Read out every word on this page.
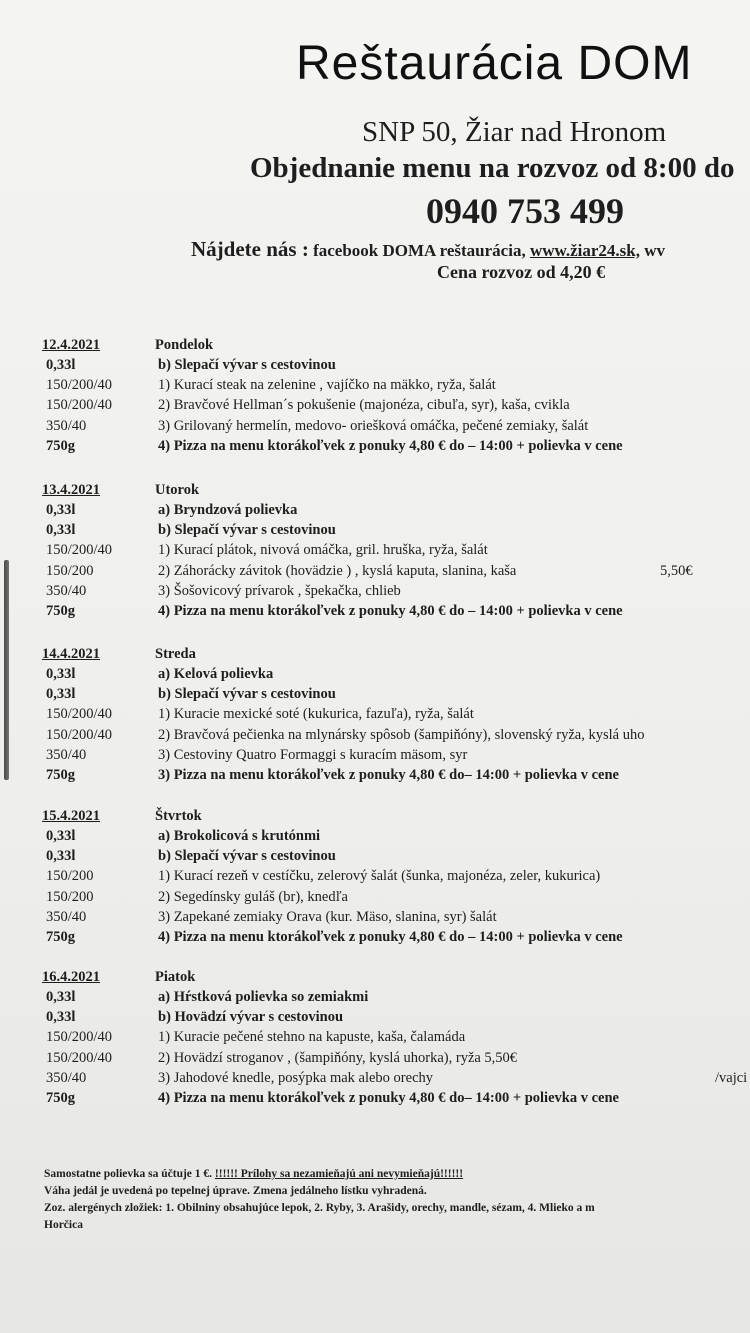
Reštaurácia DOM
SNP 50, Žiar nad Hronom
Objednanie menu na rozvoz od 8:00 do
0940 753 499
Nájdete nás : facebook DOMA reštaurácia, www.žiar24.sk, wv
Cena rozvoz od 4,20 €
12.4.2021	Pondelok
0,33l	b) Slepačí vývar s cestovinou
150/200/40	1) Kurací steak na zelenine , vajíčko na mäkko, ryža, šalát
150/200/40	2) Bravčové Hellman´s pokušenie (majonéza, cibuľa, syr), kaša, cvikla
350/40	3) Grilovaný hermelín, medovo- oriešková omáčka, pečené zemiaky, šalát
750g	4) Pizza na menu ktorákoľvek z ponuky 4,80 € do – 14:00 + polievka v cene
13.4.2021	Utorok
0,33l	a) Bryndzová polievka
0,33l	b) Slepačí vývar s cestovinou
150/200/40	1) Kurací plátok, nivová omáčka, gril. hruška, ryža, šalát
150/200	2) Záhorácky závitok (hovädzie ) , kyslá kaputa, slanina, kaša	5,50€
350/40	3) Šošovicový prívarok , špekačka, chlieb
750g	4) Pizza na menu ktorákoľvek z ponuky 4,80 € do – 14:00 + polievka v cene
14.4.2021	Streda
0,33l	a) Kelová polievka
0,33l	b) Slepačí vývar s cestovinou
150/200/40	1) Kuracie mexické soté (kukurica, fazuľa), ryža, šalát
150/200/40	2) Bravčová pečienka na mlynársky spôsob (šampiňóny), slovenský ryža, kyslá uho
350/40	3) Cestoviny Quatro Formaggi s kuracím mäsom, syr
750g	3) Pizza na menu ktorákoľvek z ponuky 4,80 € do– 14:00 + polievka v cene
15.4.2021	Štvrtok
0,33l	a) Brokolicová s krutónmi
0,33l	b) Slepačí vývar s cestovinou
150/200	1) Kurací rezeň v cestíčku, zelerový šalát (šunka, majonéza, zeler, kukurica)
150/200	2) Segedínsky guláš (br), knedľa
350/40	3) Zapekané zemiaky Orava (kur. Mäso, slanina, syr) šalát
750g	4) Pizza na menu ktorákoľvek z ponuky 4,80 € do – 14:00 + polievka v cene
16.4.2021	Piatok
0,33l	a) Hŕstková polievka so zemiakmi
0,33l	b) Hovädzí vývar s cestovinou
150/200/40	1) Kuracie pečené stehno na kapuste, kaša, čalamáda
150/200/40	2) Hovädzí stroganov , (šampiňóny, kyslá uhorka), ryža 5,50€
350/40	3) Jahodové knedle, posýpka mak alebo orechy	/vajci
750g	4) Pizza na menu ktorákoľvek z ponuky 4,80 € do– 14:00 + polievka v cene
Samostatne polievka sa účtuje 1 €. !!!!!! Prílohy sa nezamieňajú ani nevymieňajú!!!!!!
Váha jedál je uvedená po tepelnej úprave. Zmena jedálneho lístku vyhradená.
Zoz. alergénych zložiek: 1. Obilniny obsahujúce lepok, 2. Ryby, 3. Arašidy, orechy, mandle, sézam, 4. Mlieko a m
Horčica
